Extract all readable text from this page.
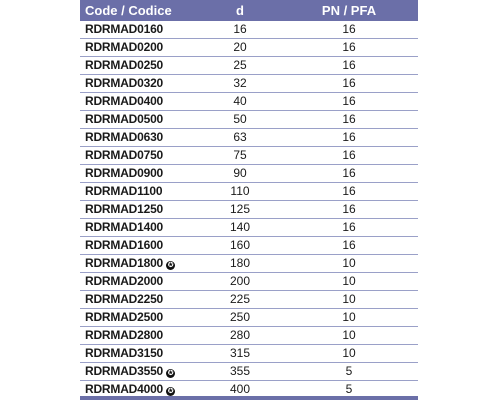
Code / Codice	d	PN / PFA
RDRMAD0160	16	16
RDRMAD0200	20	16
RDRMAD0250	25	16
RDRMAD0320	32	16
RDRMAD0400	40	16
RDRMAD0500	50	16
RDRMAD0630	63	16
RDRMAD0750	75	16
RDRMAD0900	90	16
RDRMAD1100	110	16
RDRMAD1250	125	16
RDRMAD1400	140	16
RDRMAD1600	160	16
RDRMAD1800 ✪	180	10
RDRMAD2000	200	10
RDRMAD2250	225	10
RDRMAD2500	250	10
RDRMAD2800	280	10
RDRMAD3150	315	10
RDRMAD3550 ✪	355	5
RDRMAD4000 ✪	400	5
